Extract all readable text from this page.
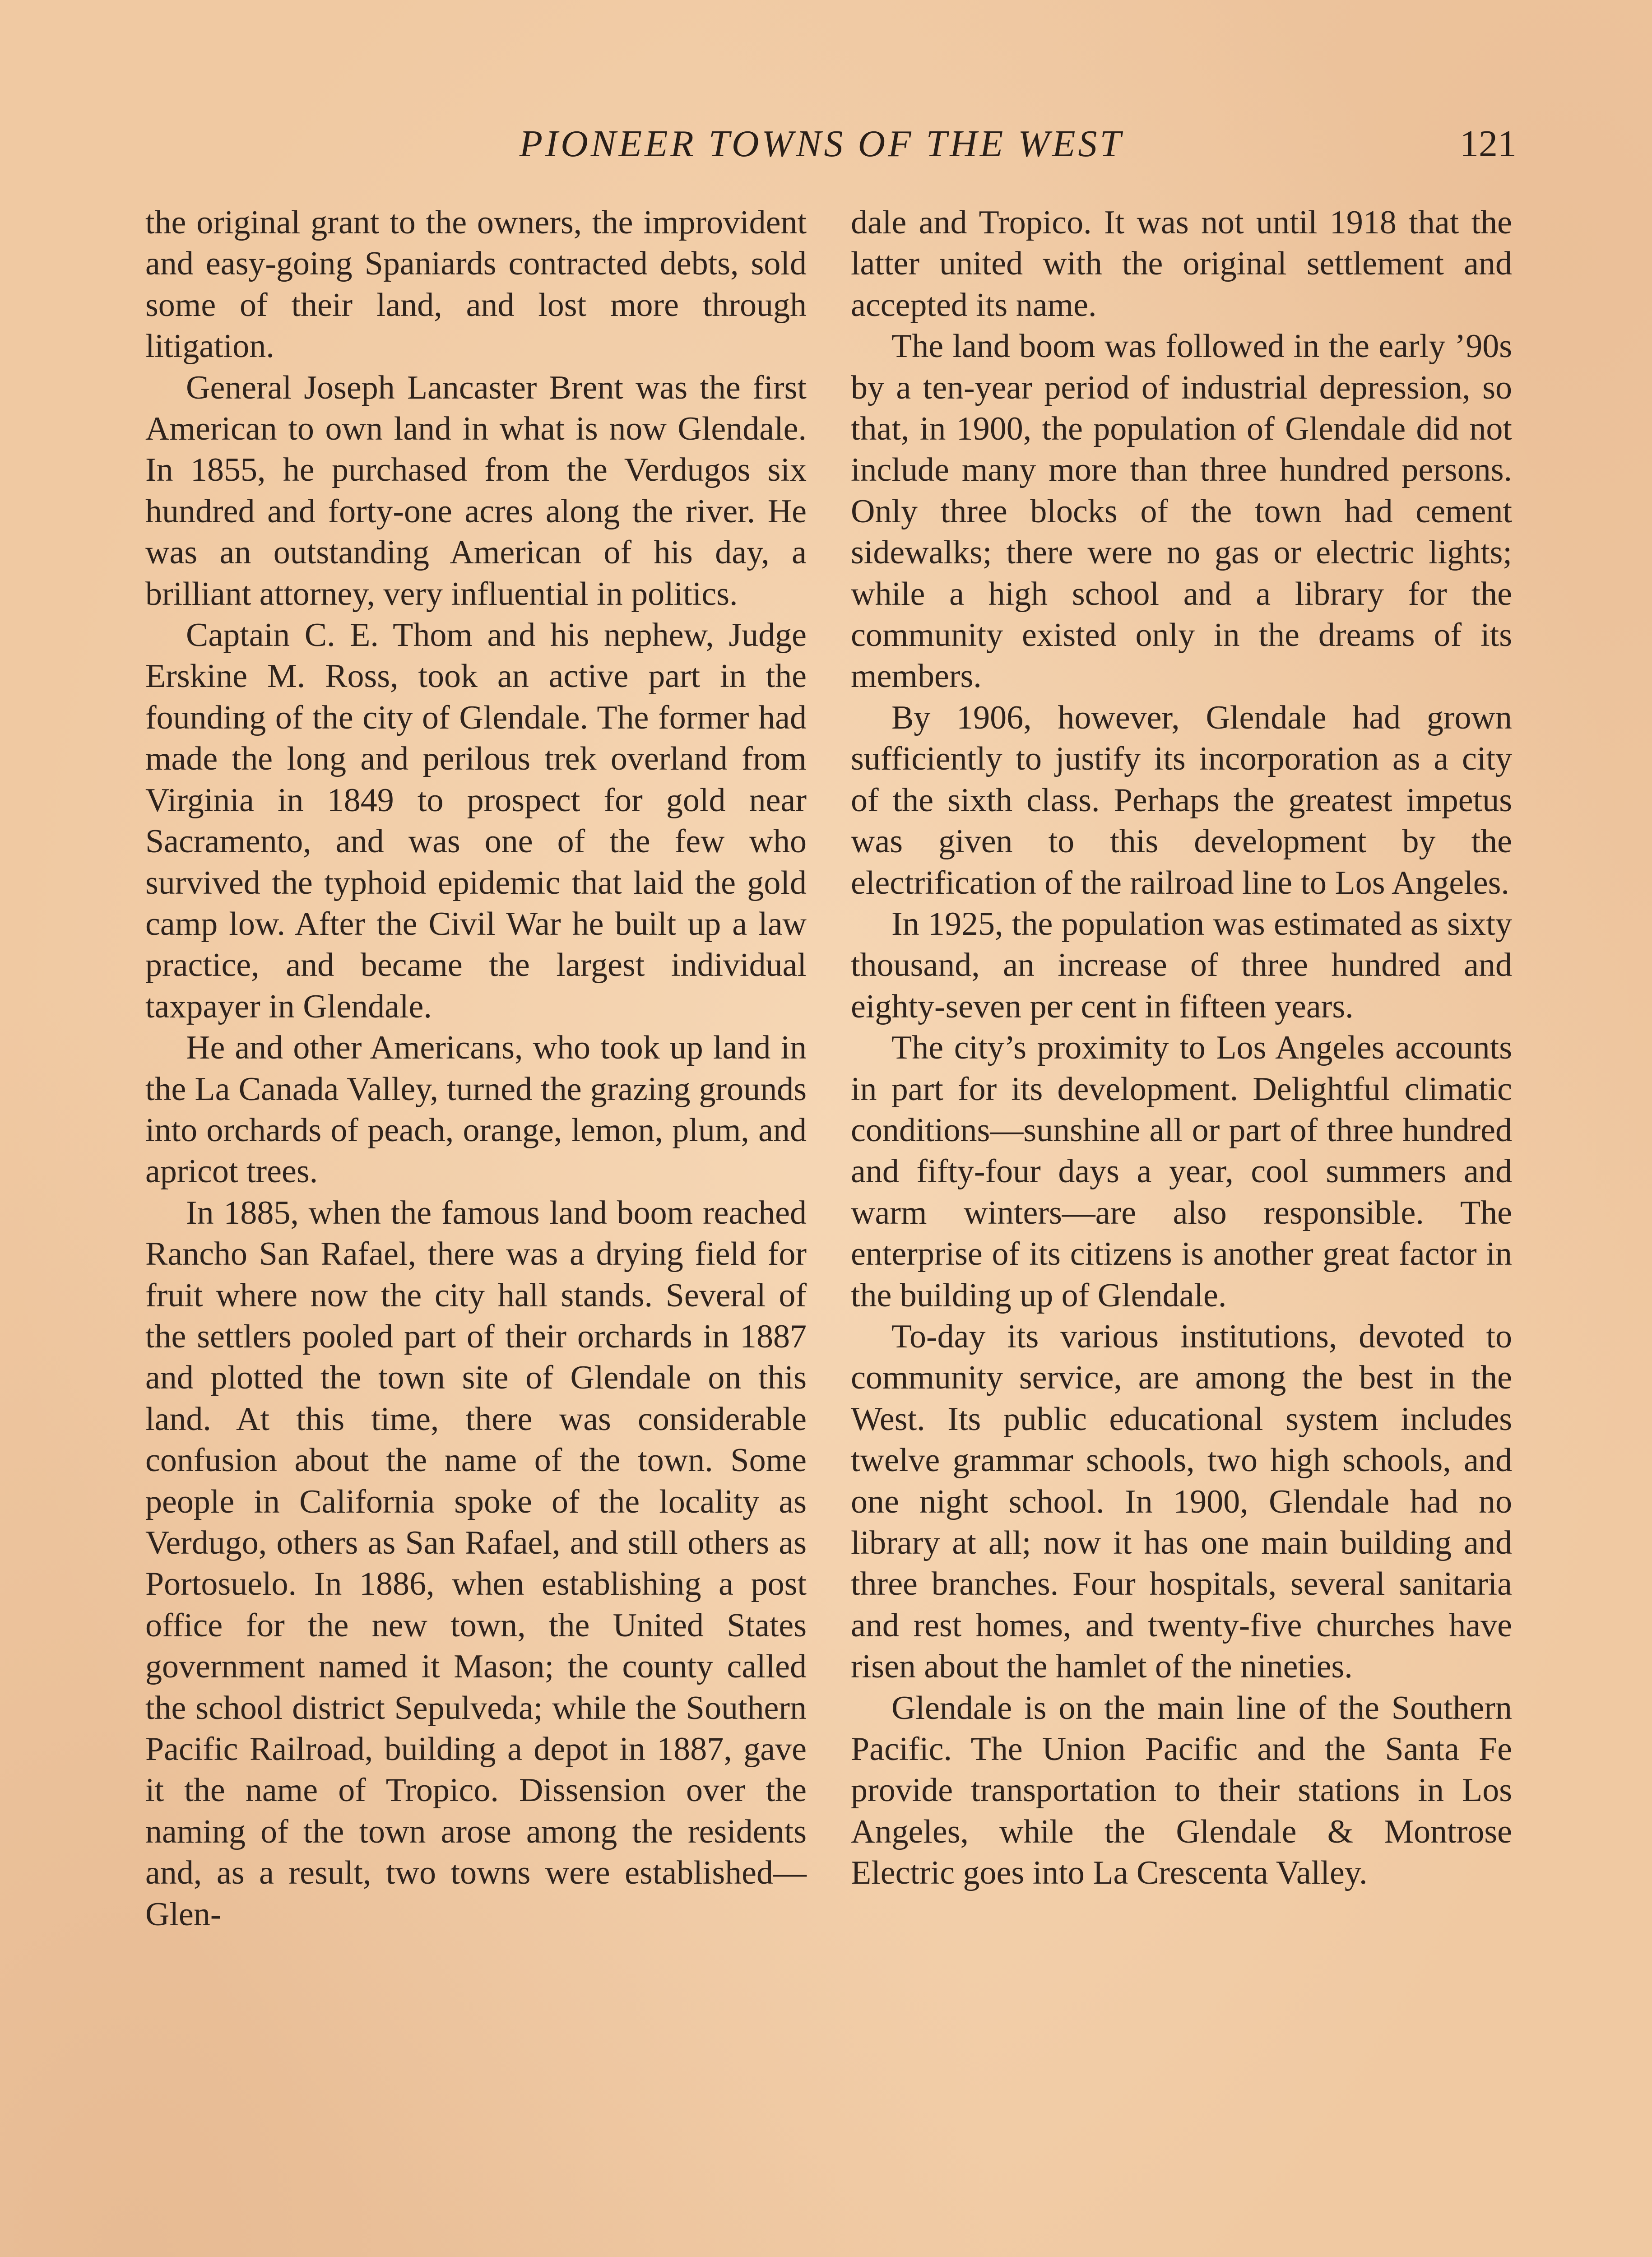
PIONEER TOWNS OF THE WEST	121

the original grant to the owners, the improvident and easy-going Spaniards contracted debts, sold some of their land, and lost more through litigation.

General Joseph Lancaster Brent was the first American to own land in what is now Glendale. In 1855, he purchased from the Verdugos six hundred and forty-one acres along the river. He was an outstanding American of his day, a brilliant attorney, very influential in politics.

Captain C. E. Thom and his nephew, Judge Erskine M. Ross, took an active part in the founding of the city of Glendale. The former had made the long and perilous trek overland from Virginia in 1849 to prospect for gold near Sacramento, and was one of the few who survived the typhoid epidemic that laid the gold camp low. After the Civil War he built up a law practice, and became the largest individual taxpayer in Glendale.

He and other Americans, who took up land in the La Canada Valley, turned the grazing grounds into orchards of peach, orange, lemon, plum, and apricot trees.

In 1885, when the famous land boom reached Rancho San Rafael, there was a drying field for fruit where now the city hall stands. Several of the settlers pooled part of their orchards in 1887 and plotted the town site of Glendale on this land. At this time, there was considerable confusion about the name of the town. Some people in California spoke of the locality as Verdugo, others as San Rafael, and still others as Portosuelo. In 1886, when establishing a post office for the new town, the United States government named it Mason; the county called the school district Sepulveda; while the Southern Pacific Railroad, building a depot in 1887, gave it the name of Tropico. Dissension over the naming of the town arose among the residents and, as a result, two towns were established—Glen-

dale and Tropico. It was not until 1918 that the latter united with the original settlement and accepted its name.

The land boom was followed in the early ’90s by a ten-year period of industrial depression, so that, in 1900, the population of Glendale did not include many more than three hundred persons. Only three blocks of the town had cement sidewalks; there were no gas or electric lights; while a high school and a library for the community existed only in the dreams of its members.

By 1906, however, Glendale had grown sufficiently to justify its incorporation as a city of the sixth class. Perhaps the greatest impetus was given to this development by the electrification of the railroad line to Los Angeles.

In 1925, the population was estimated as sixty thousand, an increase of three hundred and eighty-seven per cent in fifteen years.

The city’s proximity to Los Angeles accounts in part for its development. Delightful climatic conditions—sunshine all or part of three hundred and fifty-four days a year, cool summers and warm winters—are also responsible. The enterprise of its citizens is another great factor in the building up of Glendale.

To-day its various institutions, devoted to community service, are among the best in the West. Its public educational system includes twelve grammar schools, two high schools, and one night school. In 1900, Glendale had no library at all; now it has one main building and three branches. Four hospitals, several sanitaria and rest homes, and twenty-five churches have risen about the hamlet of the nineties.

Glendale is on the main line of the Southern Pacific. The Union Pacific and the Santa Fe provide transportation to their stations in Los Angeles, while the Glendale & Montrose Electric goes into La Crescenta Valley.
